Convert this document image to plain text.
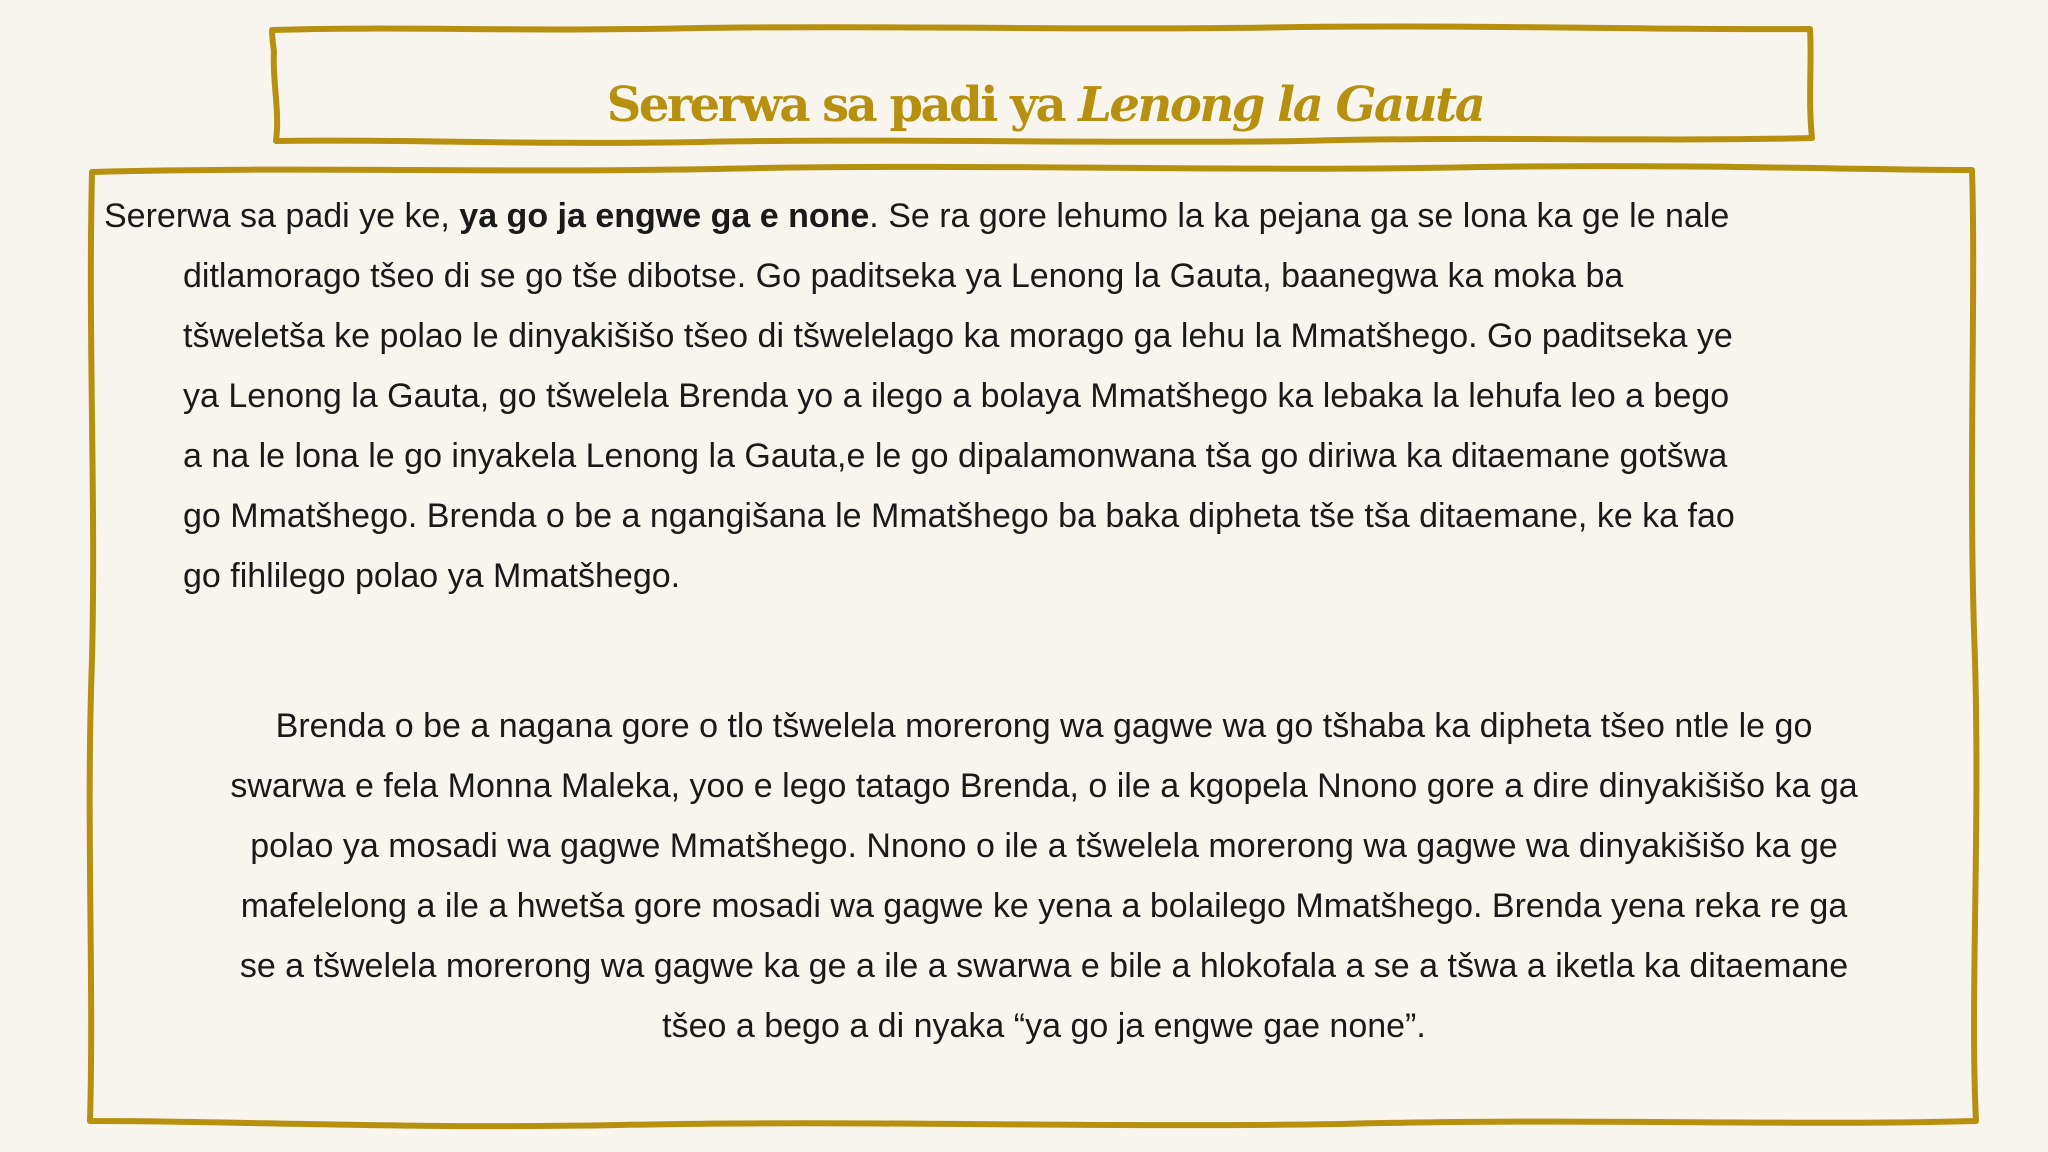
Sererwa sa padi ya Lenong la Gauta
Sererwa sa padi ye ke, ya go ja engwe ga e none. Se ra gore lehumo la ka pejana ga se lona ka ge le nale
ditlamorago tšeo di se go tše dibotse. Go paditseka ya Lenong la Gauta, baanegwa ka moka ba
tšweletša ke polao le dinyakišišo tšeo di tšwelelago ka morago ga lehu la Mmatšhego. Go paditseka ye
ya Lenong la Gauta, go tšwelela Brenda yo a ilego a bolaya Mmatšhego ka lebaka la lehufa leo a bego
a na le lona le go inyakela Lenong la Gauta,e le go dipalamonwana tša go diriwa ka ditaemane gotšwa
go Mmatšhego. Brenda o be a ngangišana le Mmatšhego ba baka dipheta tše tša ditaemane, ke ka fao
go fihlilego polao ya Mmatšhego.
Brenda o be a nagana gore o tlo tšwelela morerong wa gagwe wa go tšhaba ka dipheta tšeo ntle le go
swarwa e fela Monna Maleka, yoo e lego tatago Brenda, o ile a kgopela Nnono gore a dire dinyakišišo ka ga
polao ya mosadi wa gagwe Mmatšhego. Nnono o ile a tšwelela morerong wa gagwe wa dinyakišišo ka ge
mafelelong a ile a hwetša gore mosadi wa gagwe ke yena a bolailego Mmatšhego. Brenda yena reka re ga
se a tšwelela morerong wa gagwe ka ge a ile a swarwa e bile a hlokofala a se a tšwa a iketla ka ditaemane
tšeo a bego a di nyaka “ya go ja engwe gae none”.
